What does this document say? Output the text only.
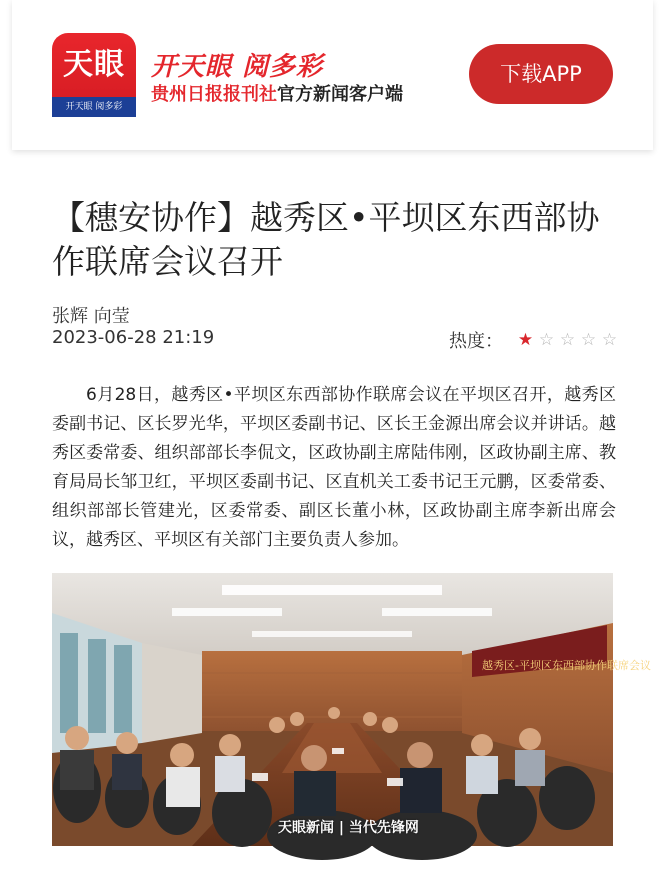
天眼
开天眼 阅多彩
开天眼 阅多彩
贵州日报报刊社官方新闻客户端
下载APP
【穗安协作】越秀区•平坝区东西部协作联席会议召开
张辉 向莹
2023-06-28 21:19	热度： ★ ☆ ☆ ☆ ☆

6月28日，越秀区•平坝区东西部协作联席会议在平坝区召开，越秀区委副书记、区长罗光华，平坝区委副书记、区长王金源出席会议并讲话。越秀区委常委、组织部部长李侃文，区政协副主席陆伟刚，区政协副主席、教育局局长邹卫红，平坝区委副书记、区直机关工委书记王元鹏，区委常委、组织部部长管建光，区委常委、副区长董小林，区政协副主席李新出席会议，越秀区、平坝区有关部门主要负责人参加。

越秀区-平坝区东西部协作联席会议
天眼新闻 | 当代先锋网
